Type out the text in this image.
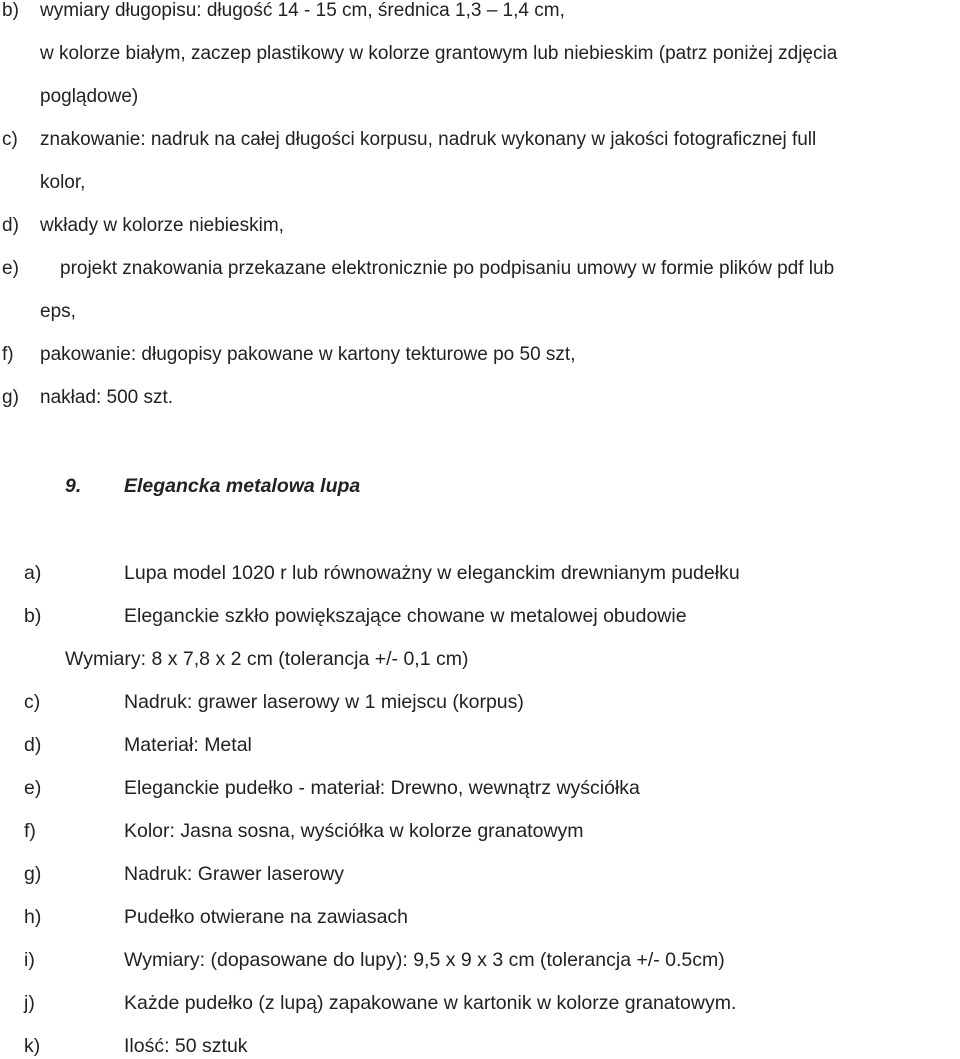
b) wymiary długopisu: długość 14 - 15 cm, średnica 1,3 – 1,4 cm,
w kolorze białym, zaczep plastikowy w kolorze grantowym lub niebieskim (patrz poniżej zdjęcia
poglądowe)
c) znakowanie: nadruk na całej długości korpusu, nadruk wykonany w jakości fotograficznej full
kolor,
d) wkłady w kolorze niebieskim,
e) projekt znakowania przekazane elektronicznie po podpisaniu umowy w formie plików pdf lub
eps,
f) pakowanie: długopisy pakowane w kartony tekturowe po 50 szt,
g) nakład: 500 szt.
9. Elegancka metalowa lupa
a)	Lupa model 1020 r lub równoważny w eleganckim drewnianym pudełku
b)	Eleganckie szkło powiększające chowane w metalowej obudowie
Wymiary: 8 x 7,8 x 2 cm (tolerancja +/- 0,1 cm)
c)	Nadruk: grawer laserowy w 1 miejscu (korpus)
d)	Materiał: Metal
e)	Eleganckie pudełko - materiał: Drewno, wewnątrz wyściółka
f)	Kolor: Jasna sosna, wyściółka w kolorze granatowym
g)	Nadruk: Grawer laserowy
h)	Pudełko otwierane na zawiasach
i)	Wymiary: (dopasowane do lupy): 9,5 x 9 x 3 cm (tolerancja +/- 0.5cm)
j)	Każde pudełko (z lupą) zapakowane w kartonik w kolorze granatowym.
k)	Ilość: 50 sztuk
